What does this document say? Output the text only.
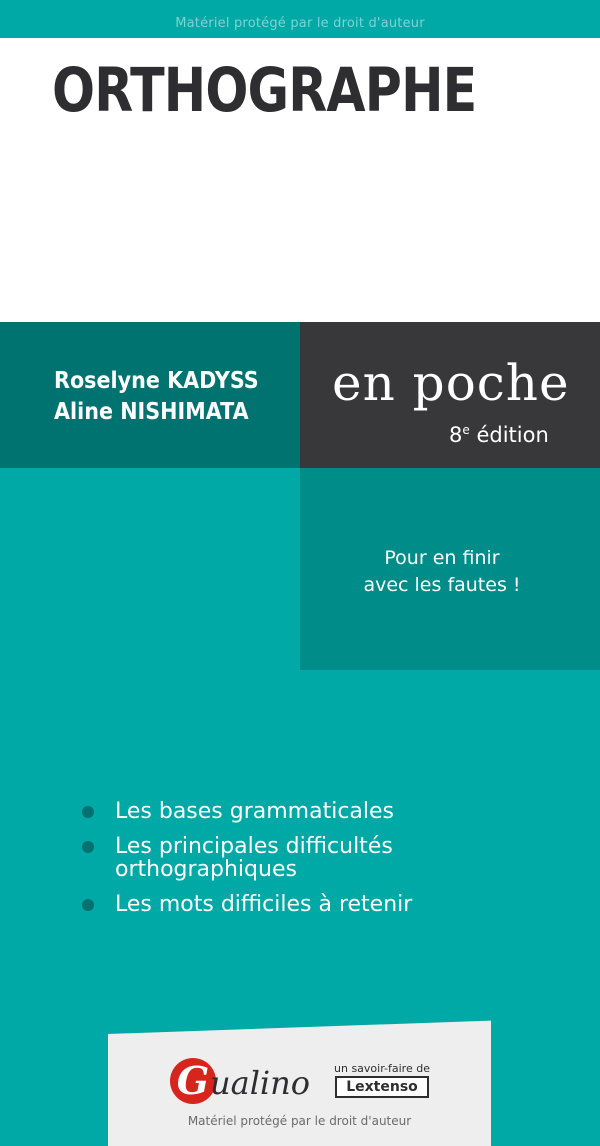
Matériel protégé par le droit d'auteur
ORTHOGRAPHE
Roselyne KADYSS
Aline NISHIMATA en poche
8e édition
Pour en finir
avec les fautes !
Les bases grammaticales
Les principales difficultés orthographiques
Les mots difficiles à retenir
G ualino un savoir-faire de
Lextenso
Matériel protégé par le droit d'auteur
